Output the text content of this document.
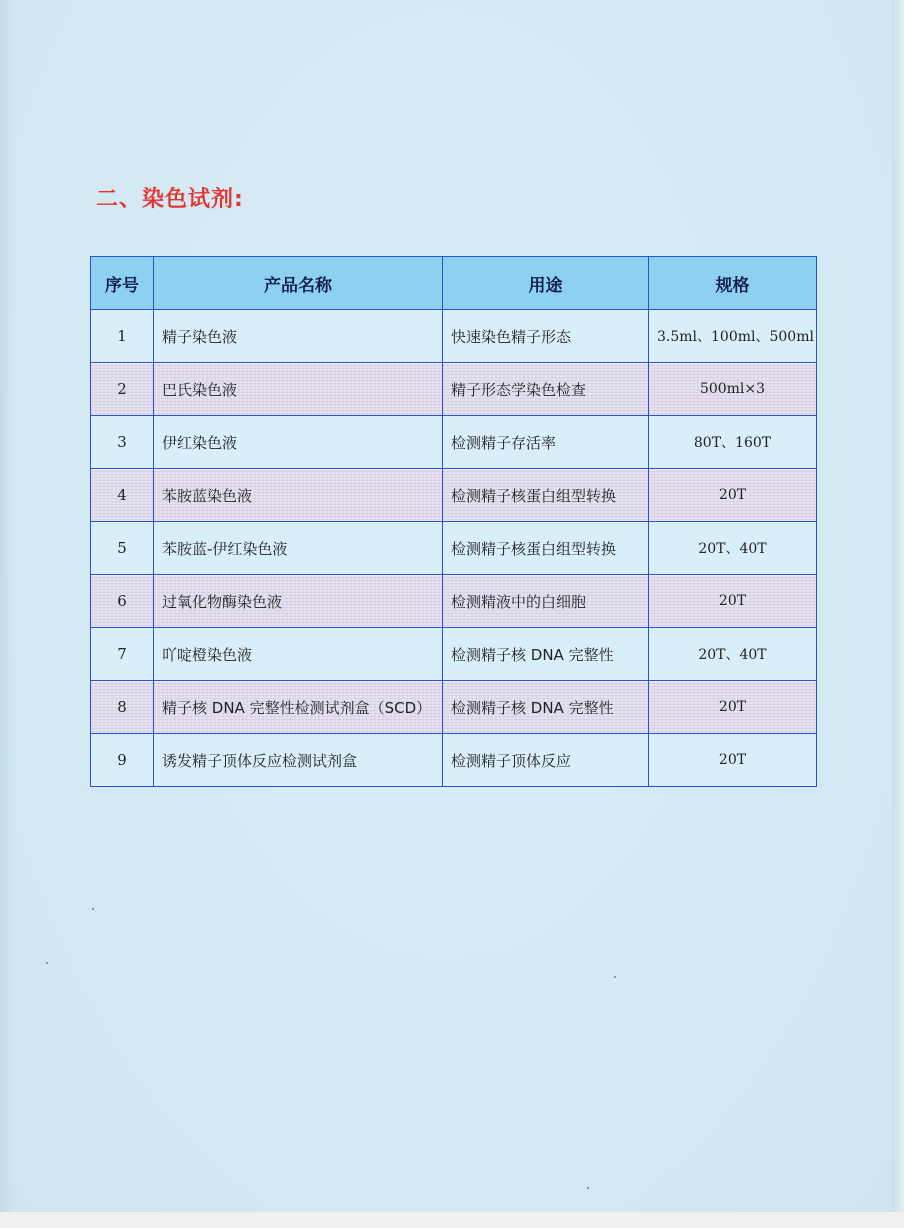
二、染色试剂:
序号	产品名称	用途	规格
1	精子染色液	快速染色精子形态	3.5ml、100ml、500ml
2	巴氏染色液	精子形态学染色检查	500ml×3
3	伊红染色液	检测精子存活率	80T、160T
4	苯胺蓝染色液	检测精子核蛋白组型转换	20T
5	苯胺蓝-伊红染色液	检测精子核蛋白组型转换	20T、40T
6	过氧化物酶染色液	检测精液中的白细胞	20T
7	吖啶橙染色液	检测精子核 DNA 完整性	20T、40T
8	精子核 DNA 完整性检测试剂盒（SCD）	检测精子核 DNA 完整性	20T
9	诱发精子顶体反应检测试剂盒	检测精子顶体反应	20T
